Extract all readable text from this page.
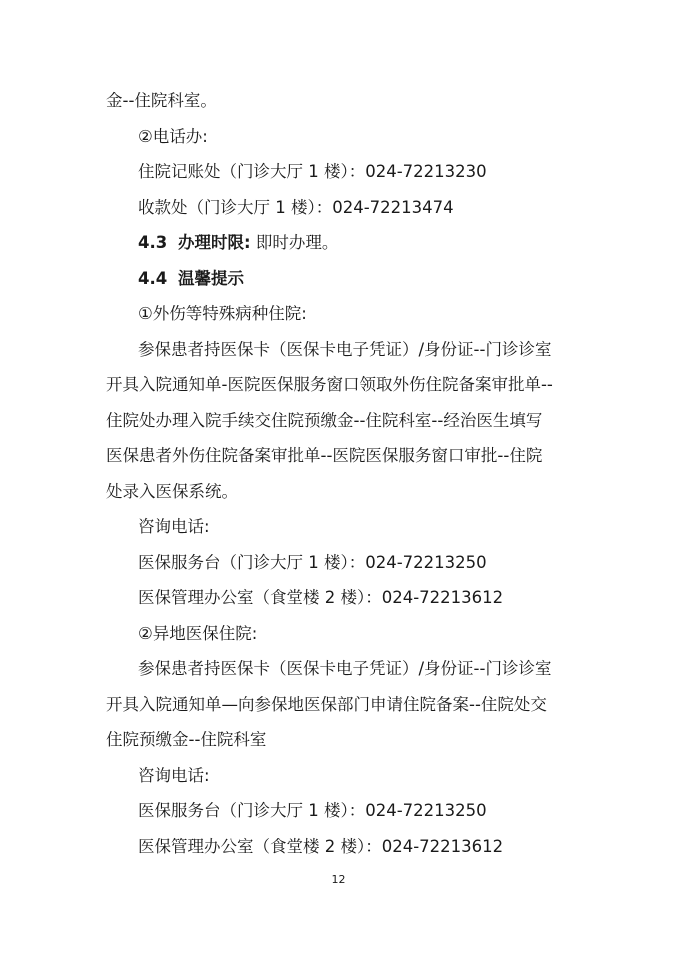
金--住院科室。
②电话办:
住院记账处（门诊大厅 1 楼）：024-72213230
收款处（门诊大厅 1 楼）：024-72213474
4.3 办理时限: 即时办理。
4.4 温馨提示
①外伤等特殊病种住院:
参保患者持医保卡（医保卡电子凭证）/身份证--门诊诊室
开具入院通知单-医院医保服务窗口领取外伤住院备案审批单--
住院处办理入院手续交住院预缴金--住院科室--经治医生填写
医保患者外伤住院备案审批单--医院医保服务窗口审批--住院
处录入医保系统。
咨询电话:
医保服务台（门诊大厅 1 楼）：024-72213250
医保管理办公室（食堂楼 2 楼）：024-72213612
②异地医保住院:
参保患者持医保卡（医保卡电子凭证）/身份证--门诊诊室
开具入院通知单—向参保地医保部门申请住院备案--住院处交
住院预缴金--住院科室
咨询电话:
医保服务台（门诊大厅 1 楼）：024-72213250
医保管理办公室（食堂楼 2 楼）：024-72213612
12
